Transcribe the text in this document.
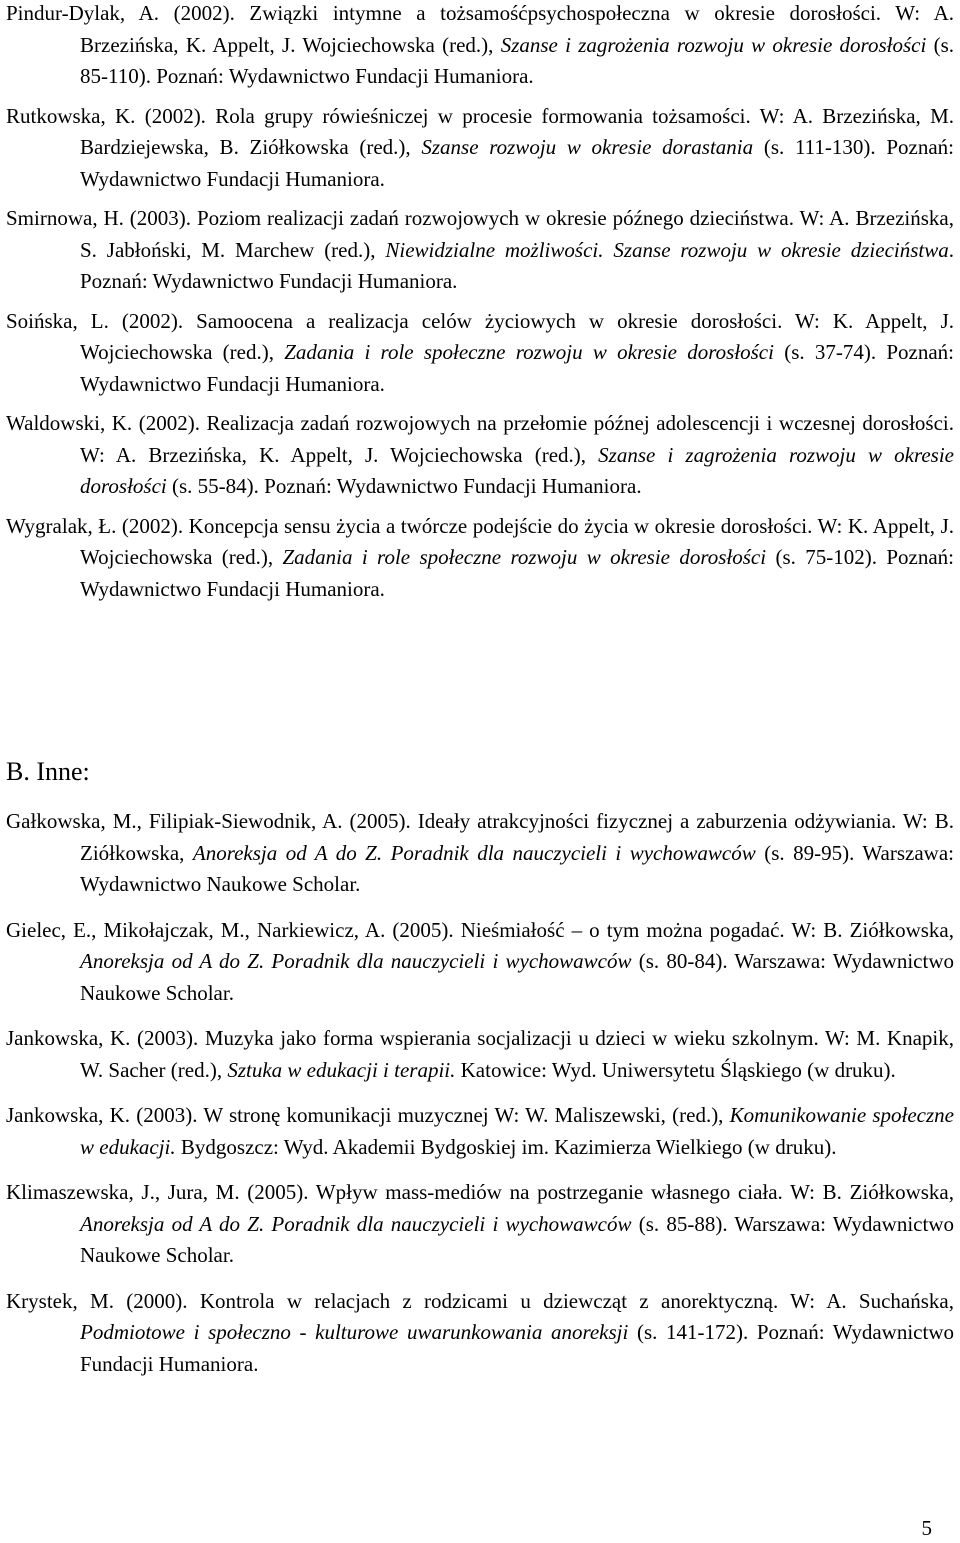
Pindur-Dylak, A. (2002). Związki intymne a tożsamośćpsychospołeczna w okresie dorosłości. W: A. Brzezińska, K. Appelt, J. Wojciechowska (red.), Szanse i zagrożenia rozwoju w okresie dorosłości (s. 85-110). Poznań: Wydawnictwo Fundacji Humaniora.

Rutkowska, K. (2002). Rola grupy rówieśniczej w procesie formowania tożsamości. W: A. Brzezińska, M. Bardziejewska, B. Ziółkowska (red.), Szanse rozwoju w okresie dorastania (s. 111-130). Poznań: Wydawnictwo Fundacji Humaniora.

Smirnowa, H. (2003). Poziom realizacji zadań rozwojowych w okresie późnego dzieciństwa. W: A. Brzezińska, S. Jabłoński, M. Marchew (red.), Niewidzialne możliwości. Szanse rozwoju w okresie dzieciństwa. Poznań: Wydawnictwo Fundacji Humaniora.

Soińska, L. (2002). Samoocena a realizacja celów życiowych w okresie dorosłości. W: K. Appelt, J. Wojciechowska (red.), Zadania i role społeczne rozwoju w okresie dorosłości (s. 37-74). Poznań: Wydawnictwo Fundacji Humaniora.

Waldowski, K. (2002). Realizacja zadań rozwojowych na przełomie późnej adolescencji i wczesnej dorosłości. W: A. Brzezińska, K. Appelt, J. Wojciechowska (red.), Szanse i zagrożenia rozwoju w okresie dorosłości (s. 55-84). Poznań: Wydawnictwo Fundacji Humaniora.

Wygralak, Ł. (2002). Koncepcja sensu życia a twórcze podejście do życia w okresie dorosłości. W: K. Appelt, J. Wojciechowska (red.), Zadania i role społeczne rozwoju w okresie dorosłości (s. 75-102). Poznań: Wydawnictwo Fundacji Humaniora.

B. Inne:

Gałkowska, M., Filipiak-Siewodnik, A. (2005). Ideały atrakcyjności fizycznej a zaburzenia odżywiania. W: B. Ziółkowska, Anoreksja od A do Z. Poradnik dla nauczycieli i wychowawców (s. 89-95). Warszawa: Wydawnictwo Naukowe Scholar.

Gielec, E., Mikołajczak, M., Narkiewicz, A. (2005). Nieśmiałość – o tym można pogadać. W: B. Ziółkowska, Anoreksja od A do Z. Poradnik dla nauczycieli i wychowawców (s. 80-84). Warszawa: Wydawnictwo Naukowe Scholar.

Jankowska, K. (2003). Muzyka jako forma wspierania socjalizacji u dzieci w wieku szkolnym. W: M. Knapik, W. Sacher (red.), Sztuka w edukacji i terapii. Katowice: Wyd. Uniwersytetu Śląskiego (w druku).

Jankowska, K. (2003). W stronę komunikacji muzycznej W: W. Maliszewski, (red.), Komunikowanie społeczne w edukacji. Bydgoszcz: Wyd. Akademii Bydgoskiej im. Kazimierza Wielkiego (w druku).

Klimaszewska, J., Jura, M. (2005). Wpływ mass-mediów na postrzeganie własnego ciała. W: B. Ziółkowska, Anoreksja od A do Z. Poradnik dla nauczycieli i wychowawców (s. 85-88). Warszawa: Wydawnictwo Naukowe Scholar.

Krystek, M. (2000). Kontrola w relacjach z rodzicami u dziewcząt z anorektyczną. W: A. Suchańska, Podmiotowe i społeczno - kulturowe uwarunkowania anoreksji (s. 141-172). Poznań: Wydawnictwo Fundacji Humaniora.

5
